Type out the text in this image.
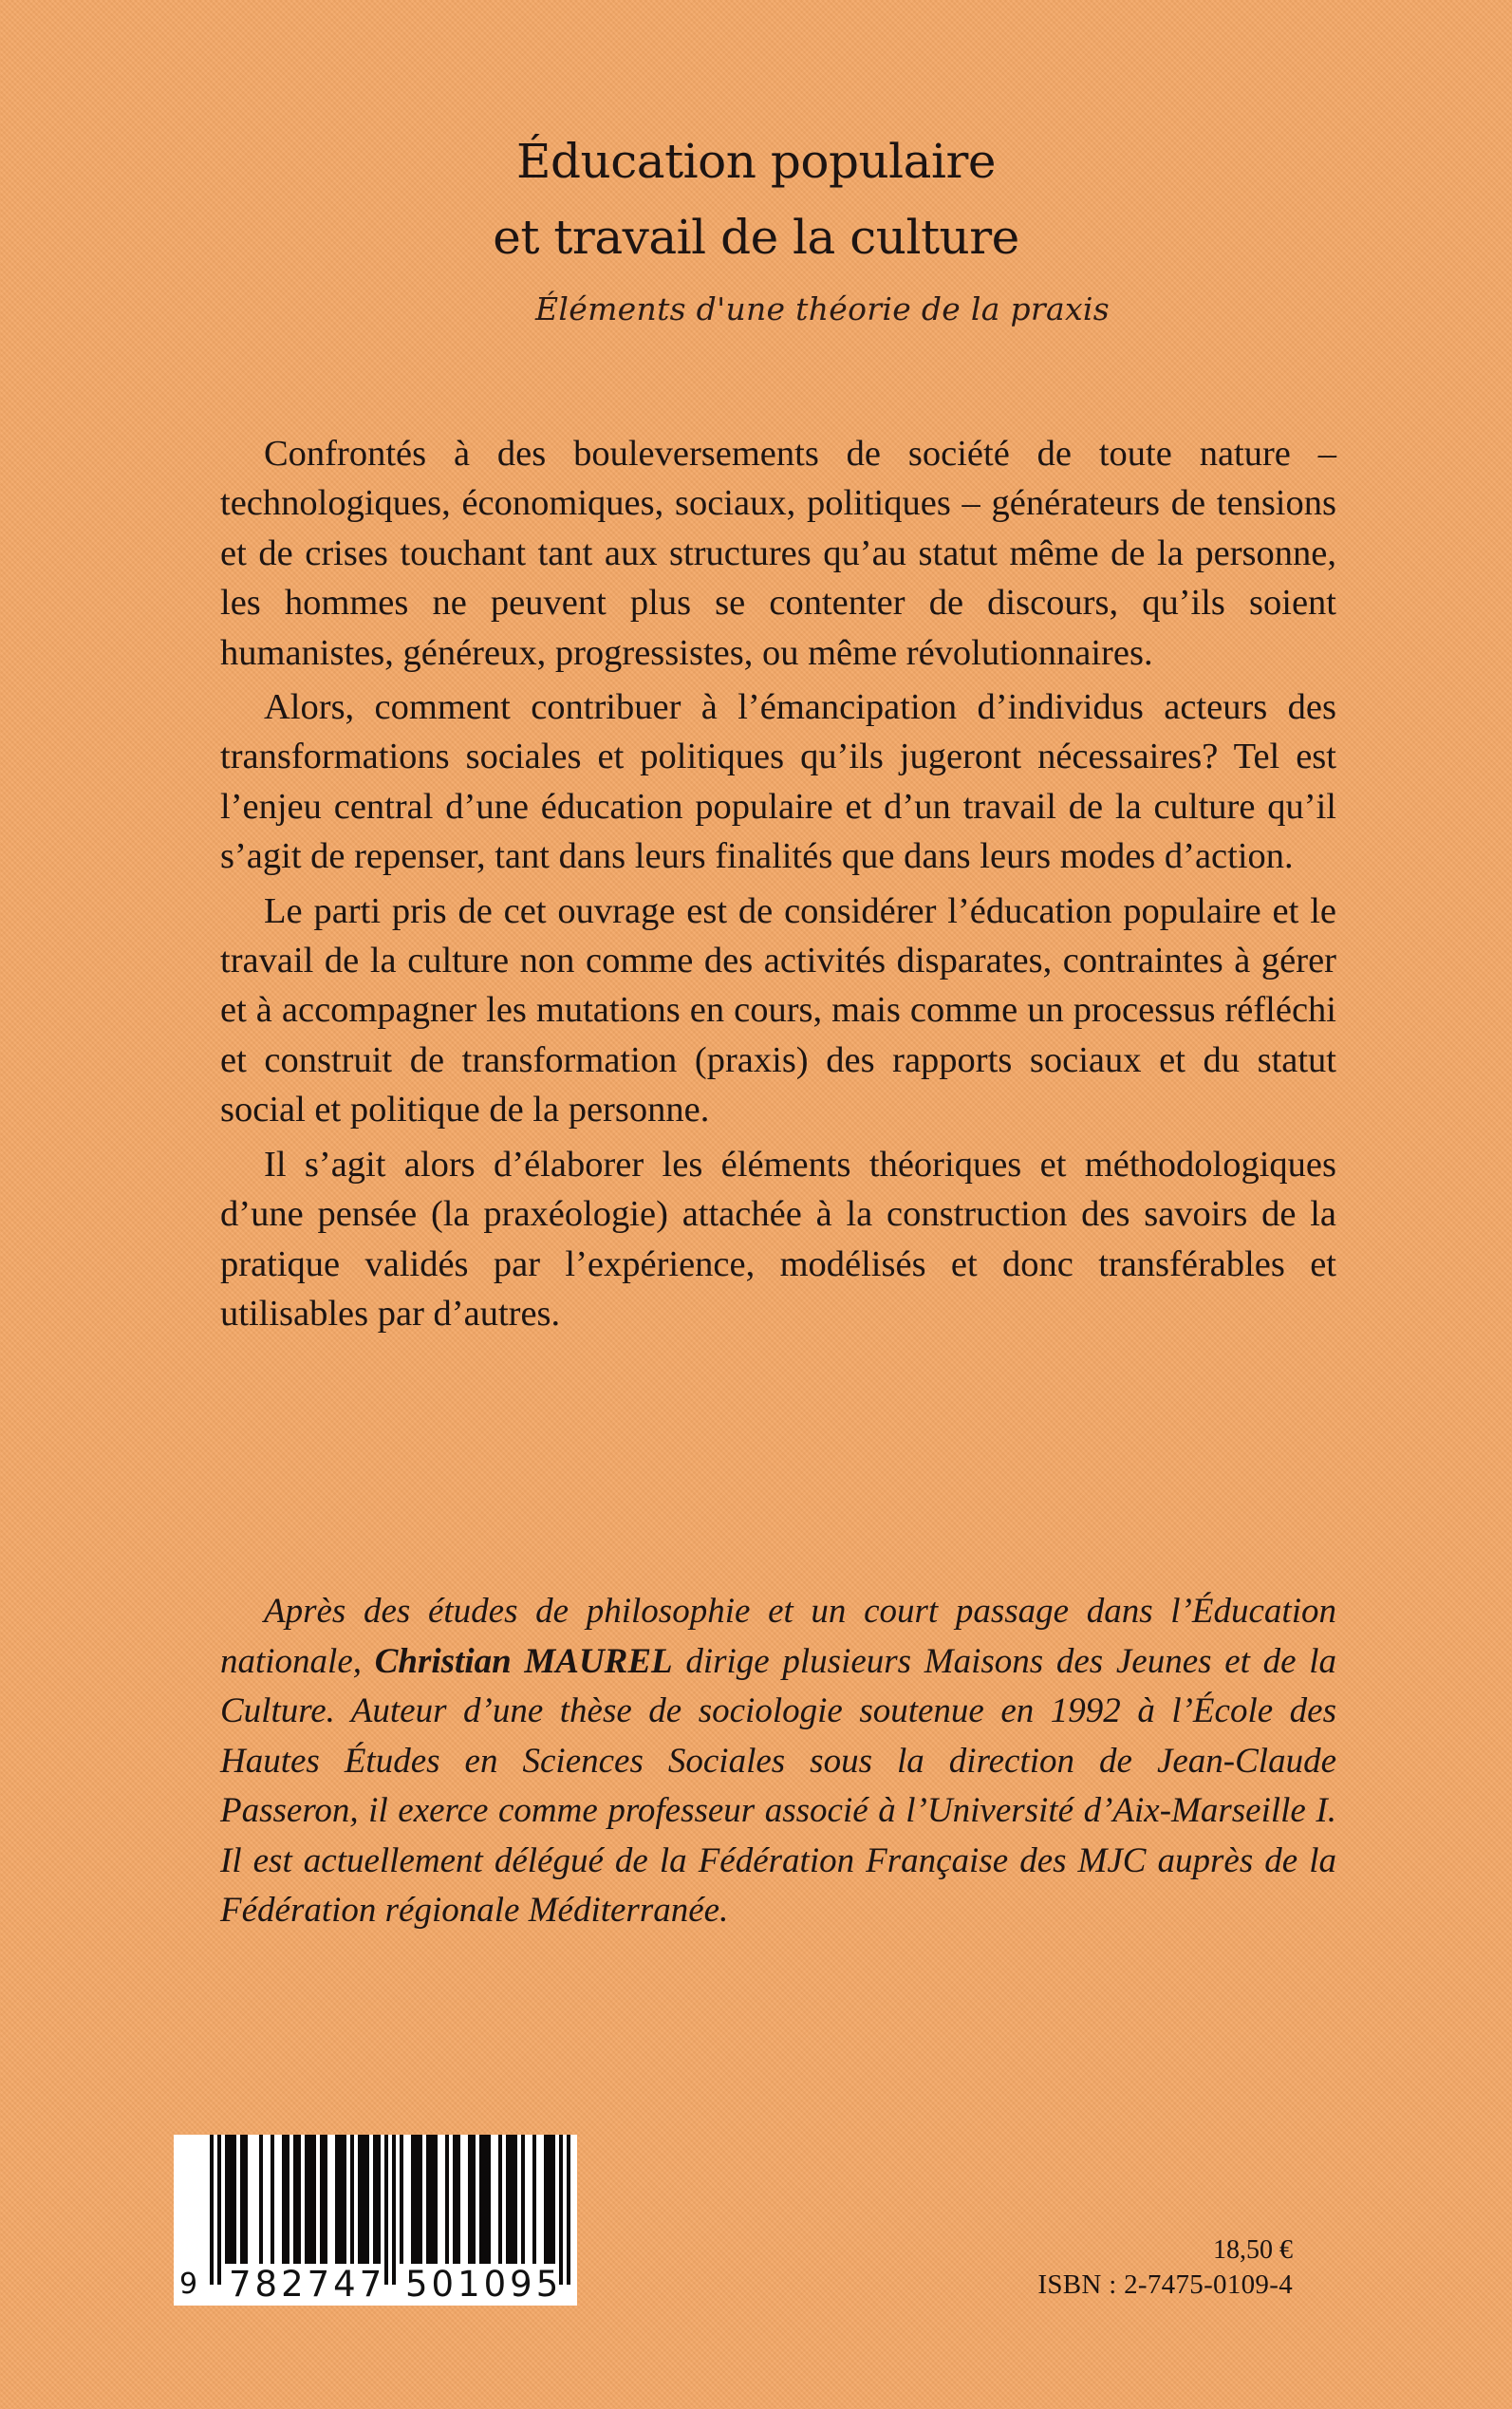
Éducation populaire
et travail de la culture
Éléments d'une théorie de la praxis

Confrontés à des bouleversements de société de toute nature – technologiques, économiques, sociaux, politiques – générateurs de tensions et de crises touchant tant aux structures qu’au statut même de la personne, les hommes ne peuvent plus se contenter de discours, qu’ils soient humanistes, généreux, progressistes, ou même révolutionnaires.

Alors, comment contribuer à l’émancipation d’individus acteurs des transformations sociales et politiques qu’ils jugeront nécessaires? Tel est l’enjeu central d’une éducation populaire et d’un travail de la culture qu’il s’agit de repenser, tant dans leurs finalités que dans leurs modes d’action.

Le parti pris de cet ouvrage est de considérer l’éducation populaire et le travail de la culture non comme des activités disparates, contraintes à gérer et à accompagner les mutations en cours, mais comme un processus réfléchi et construit de transformation (praxis) des rapports sociaux et du statut social et politique de la personne.

Il s’agit alors d’élaborer les éléments théoriques et méthodologiques d’une pensée (la praxéologie) attachée à la construction des savoirs de la pratique validés par l’expérience, modélisés et donc transférables et utilisables par d’autres.

Après des études de philosophie et un court passage dans l’Éducation nationale, Christian MAUREL dirige plusieurs Maisons des Jeunes et de la Culture. Auteur d’une thèse de sociologie soutenue en 1992 à l’École des Hautes Études en Sciences Sociales sous la direction de Jean-Claude Passeron, il exerce comme professeur associé à l’Université d’Aix-Marseille I. Il est actuellement délégué de la Fédération Française des MJC auprès de la Fédération régionale Méditerranée.

9 782747 501095
18,50 €
ISBN : 2-7475-0109-4
